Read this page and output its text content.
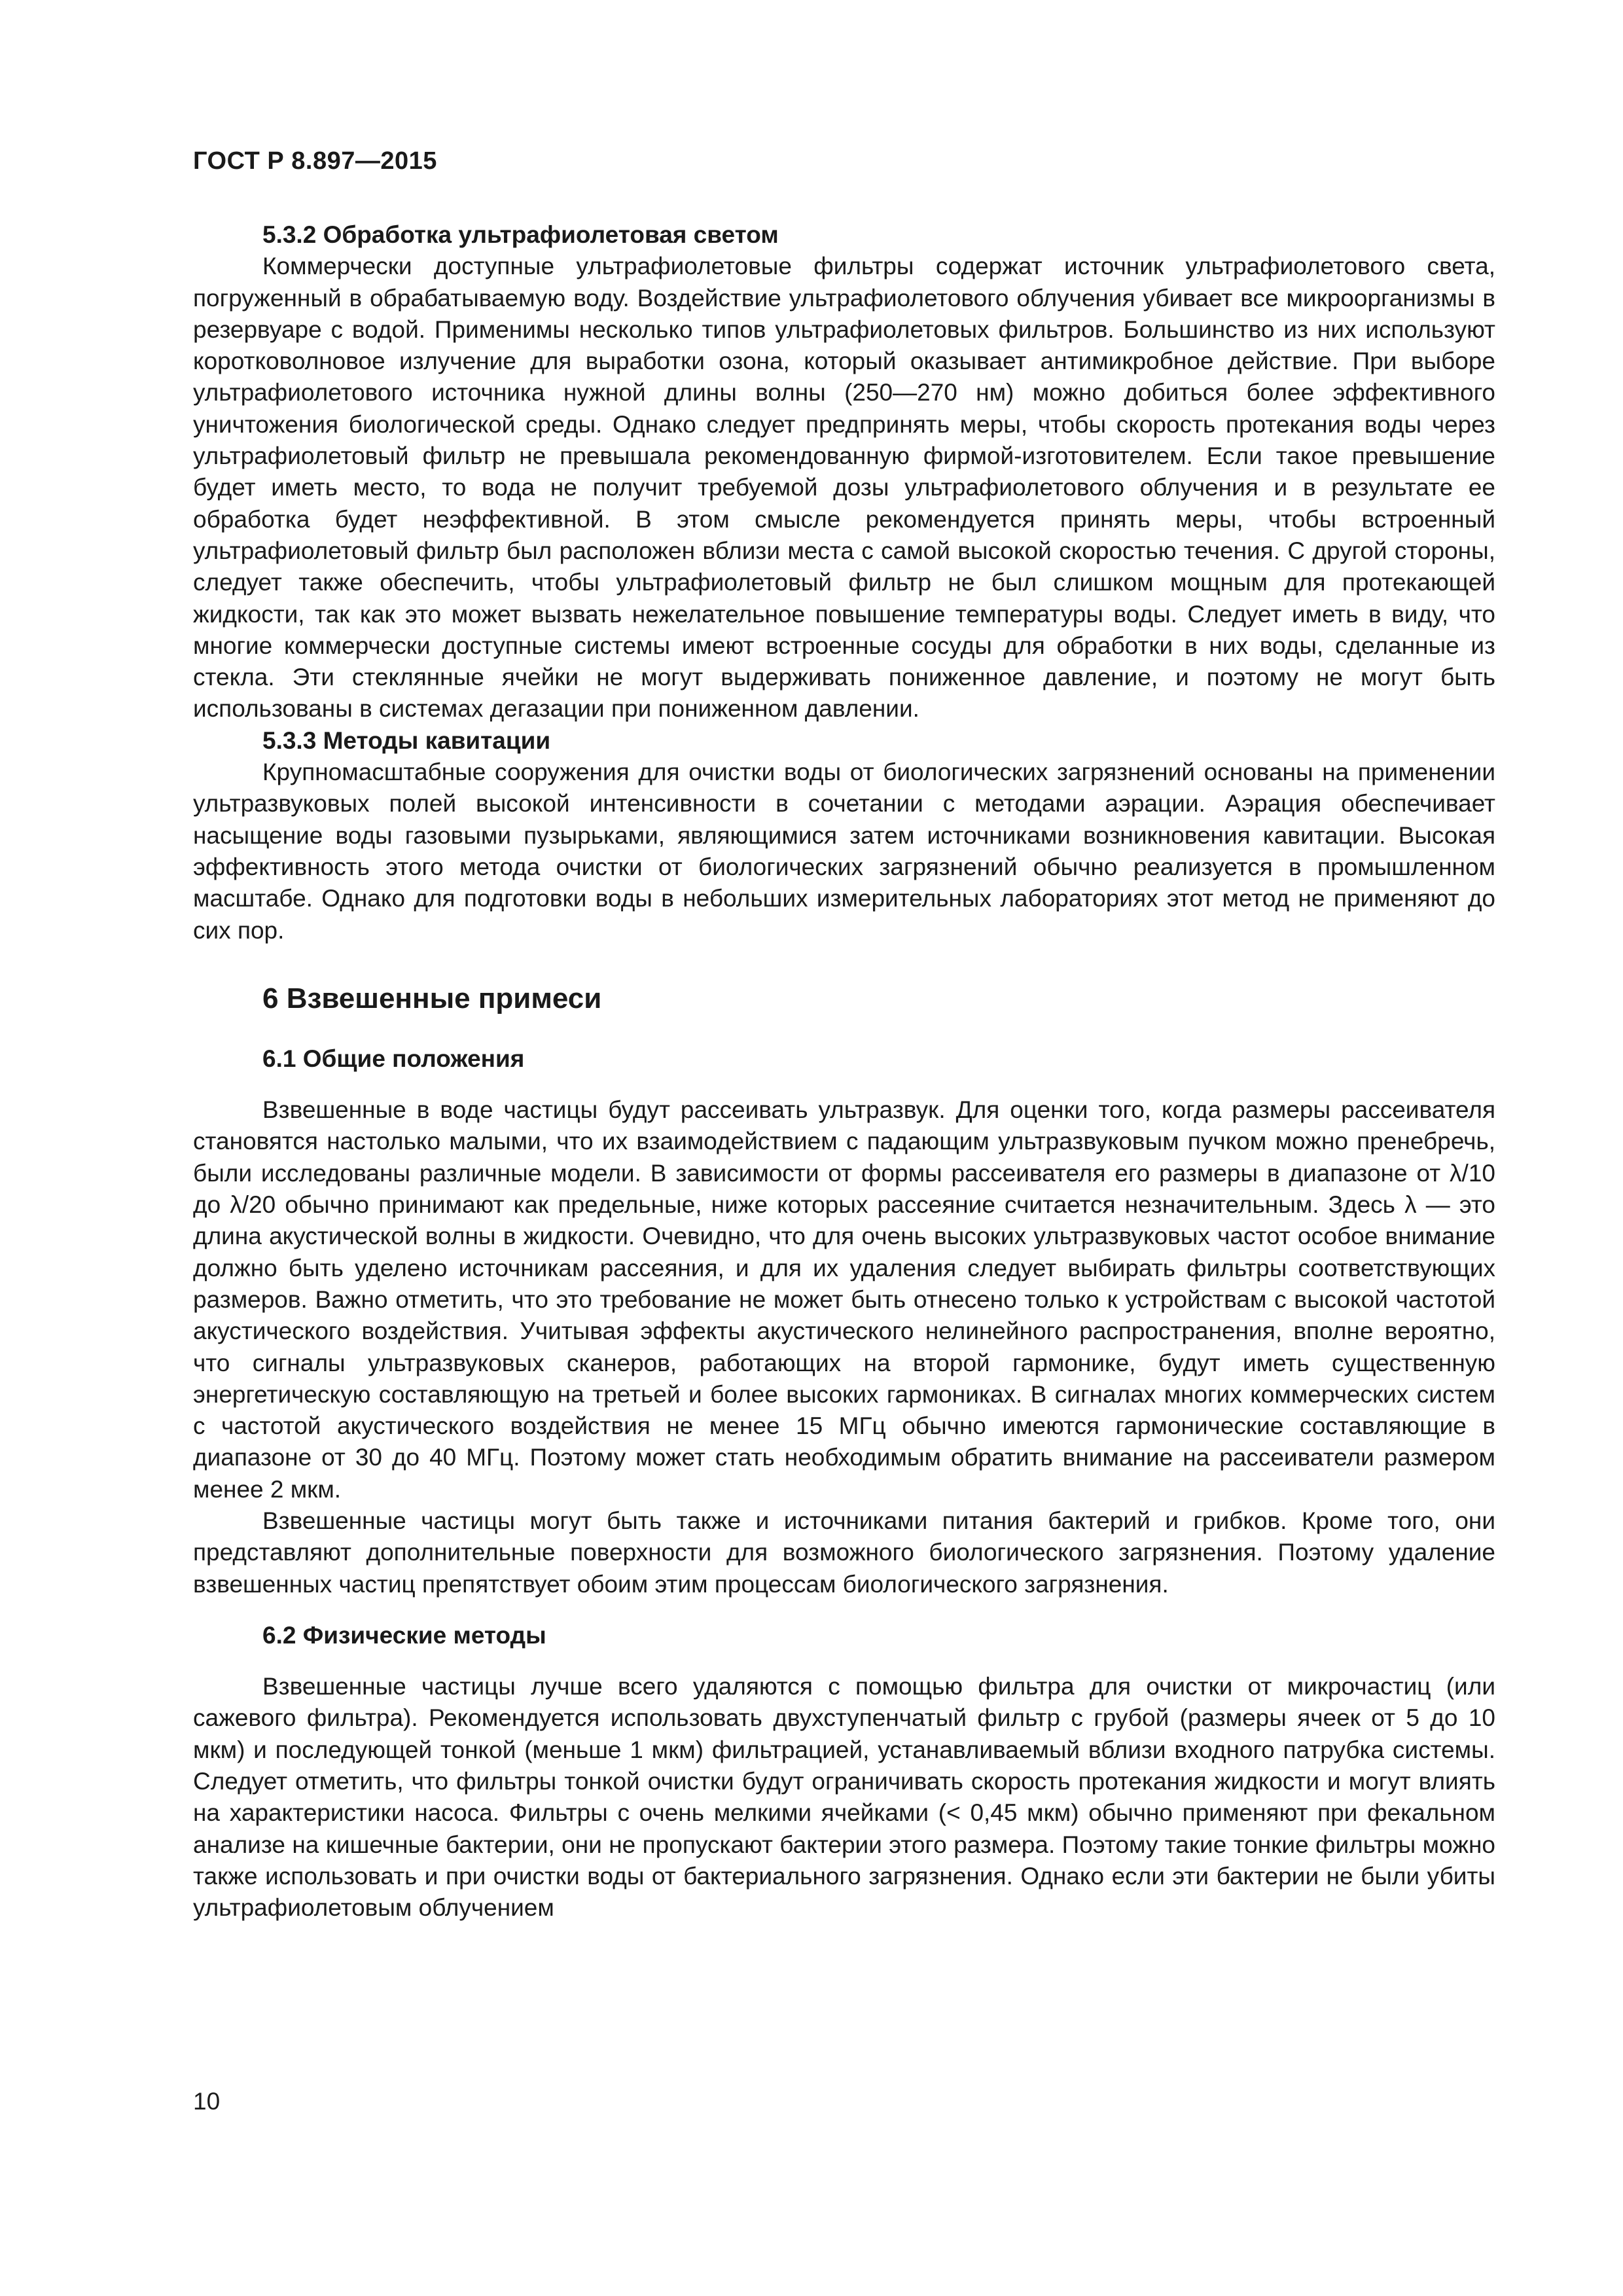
ГОСТ Р 8.897—2015
5.3.2 Обработка ультрафиолетовая светом

Коммерчески доступные ультрафиолетовые фильтры содержат источник ультрафиолетового света, погруженный в обрабатываемую воду. Воздействие ультрафиолетового облучения убивает все микроорганизмы в резервуаре с водой. Применимы несколько типов ультрафиолетовых фильтров. Большинство из них используют коротковолновое излучение для выработки озона, который оказывает антимикробное действие. При выборе ультрафиолетового источника нужной длины волны (250—270 нм) можно добиться более эффективного уничтожения биологической среды. Однако следует предпринять меры, чтобы скорость протекания воды через ультрафиолетовый фильтр не превышала рекомендованную фирмой-изготовителем. Если такое превышение будет иметь место, то вода не получит требуемой дозы ультрафиолетового облучения и в результате ее обработка будет неэффективной. В этом смысле рекомендуется принять меры, чтобы встроенный ультрафиолетовый фильтр был расположен вблизи места с самой высокой скоростью течения. С другой стороны, следует также обеспечить, чтобы ультрафиолетовый фильтр не был слишком мощным для протекающей жидкости, так как это может вызвать нежелательное повышение температуры воды. Следует иметь в виду, что многие коммерчески доступные системы имеют встроенные сосуды для обработки в них воды, сделанные из стекла. Эти стеклянные ячейки не могут выдерживать пониженное давление, и поэтому не могут быть использованы в системах дегазации при пониженном давлении.

5.3.3 Методы кавитации

Крупномасштабные сооружения для очистки воды от биологических загрязнений основаны на применении ультразвуковых полей высокой интенсивности в сочетании с методами аэрации. Аэрация обеспечивает насыщение воды газовыми пузырьками, являющимися затем источниками возникновения кавитации. Высокая эффективность этого метода очистки от биологических загрязнений обычно реализуется в промышленном масштабе. Однако для подготовки воды в небольших измерительных лабораториях этот метод не применяют до сих пор.

6 Взвешенные примеси
6.1 Общие положения

Взвешенные в воде частицы будут рассеивать ультразвук. Для оценки того, когда размеры рассеивателя становятся настолько малыми, что их взаимодействием с падающим ультразвуковым пучком можно пренебречь, были исследованы различные модели. В зависимости от формы рассеивателя его размеры в диапазоне от λ/10 до λ/20 обычно принимают как предельные, ниже которых рассеяние считается незначительным. Здесь λ — это длина акустической волны в жидкости. Очевидно, что для очень высоких ультразвуковых частот особое внимание должно быть уделено источникам рассеяния, и для их удаления следует выбирать фильтры соответствующих размеров. Важно отметить, что это требование не может быть отнесено только к устройствам с высокой частотой акустического воздействия. Учитывая эффекты акустического нелинейного распространения, вполне вероятно, что сигналы ультразвуковых сканеров, работающих на второй гармонике, будут иметь существенную энергетическую составляющую на третьей и более высоких гармониках. В сигналах многих коммерческих систем с частотой акустического воздействия не менее 15 МГц обычно имеются гармонические составляющие в диапазоне от 30 до 40 МГц. Поэтому может стать необходимым обратить внимание на рассеиватели размером менее 2 мкм.

Взвешенные частицы могут быть также и источниками питания бактерий и грибков. Кроме того, они представляют дополнительные поверхности для возможного биологического загрязнения. Поэтому удаление взвешенных частиц препятствует обоим этим процессам биологического загрязнения.

6.2 Физические методы

Взвешенные частицы лучше всего удаляются с помощью фильтра для очистки от микрочастиц (или сажевого фильтра). Рекомендуется использовать двухступенчатый фильтр с грубой (размеры ячеек от 5 до 10 мкм) и последующей тонкой (меньше 1 мкм) фильтрацией, устанавливаемый вблизи входного патрубка системы. Следует отметить, что фильтры тонкой очистки будут ограничивать скорость протекания жидкости и могут влиять на характеристики насоса. Фильтры с очень мелкими ячейками (< 0,45 мкм) обычно применяют при фекальном анализе на кишечные бактерии, они не пропускают бактерии этого размера. Поэтому такие тонкие фильтры можно также использовать и при очистки воды от бактериального загрязнения. Однако если эти бактерии не были убиты ультрафиолетовым облучением

10
